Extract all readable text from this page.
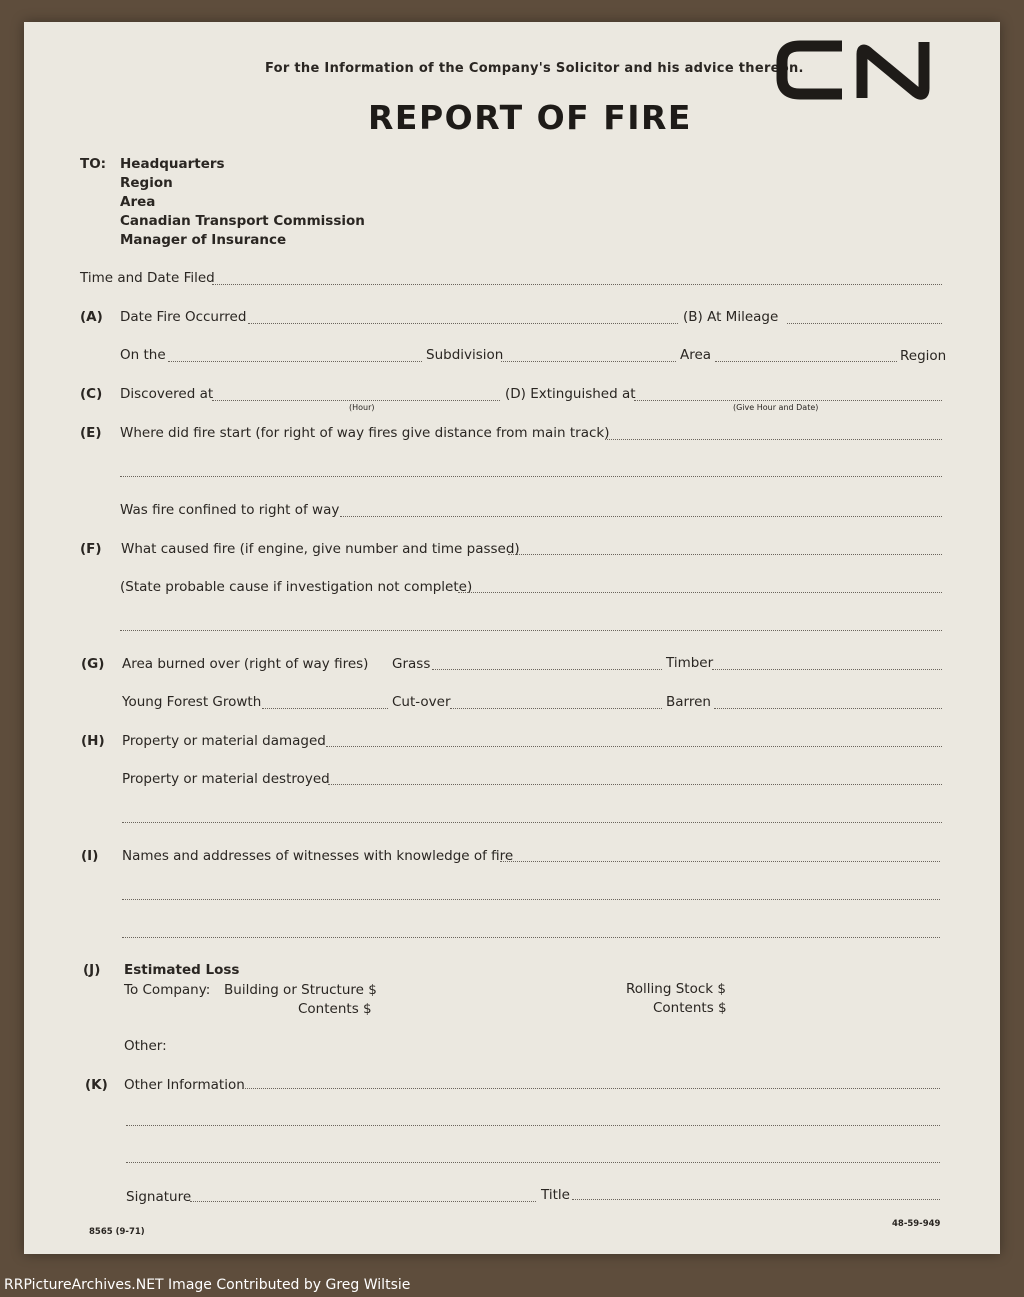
For the Information of the Company's Solicitor and his advice thereon.
REPORT OF FIRE
TO: Headquarters
Region
Area
Canadian Transport Commission
Manager of Insurance
Time and Date Filed
(A) Date Fire Occurred	(B) At Mileage
On the	Subdivision	Area	Region
(C) Discovered at
(Hour)
(D) Extinguished at
(Give Hour and Date)
(E) Where did fire start (for right of way fires give distance from main track)
Was fire confined to right of way
(F) What caused fire (if engine, give number and time passed)
(State probable cause if investigation not complete)
(G) Area burned over (right of way fires) Grass	Timber
Young Forest Growth	Cut-over	Barren
(H) Property or material damaged
Property or material destroyed
(I) Names and addresses of witnesses with knowledge of fire
(J) Estimated Loss
To Company: Building or Structure $
Contents $
Rolling Stock $
Contents $
Other:
(K) Other Information
Signature	Title
8565 (9-71)
48-59-949
RRPictureArchives.NET Image Contributed by Greg Wiltsie
